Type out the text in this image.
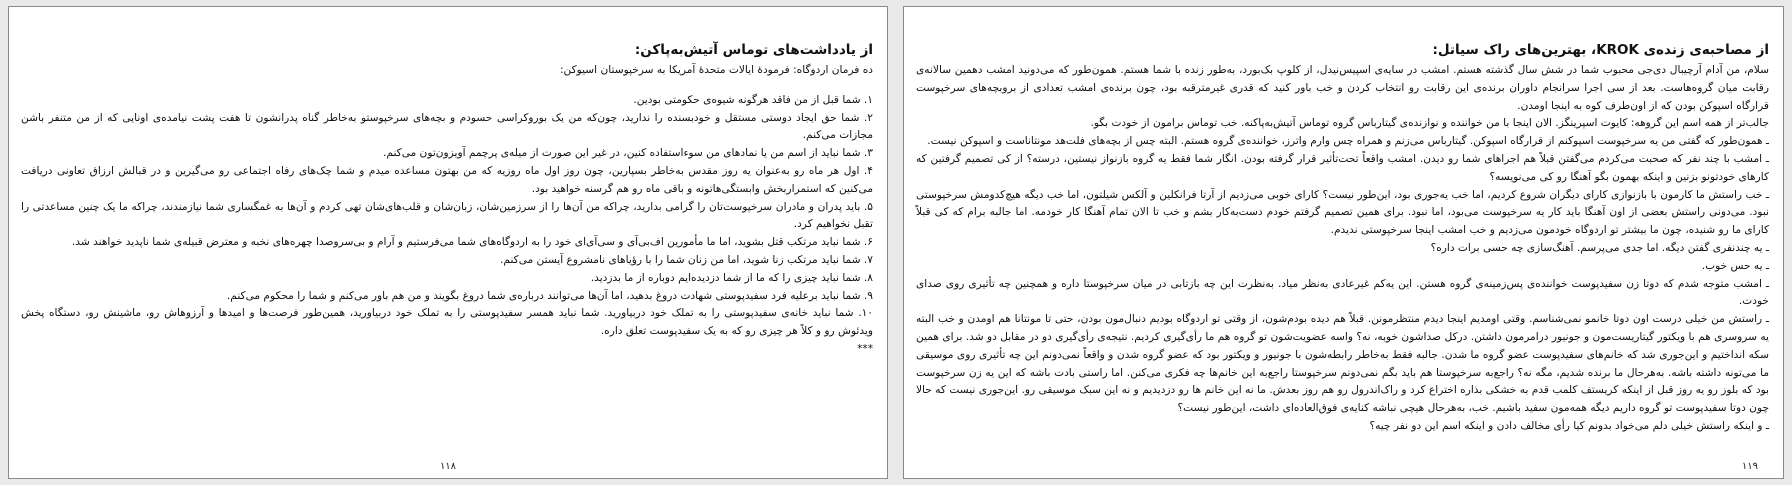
از یادداشت‌های توماس آتیش‌به‌پاکن:

ده فرمان اردوگاه: فرمودهٔ ایالات متحدهٔ آمریکا به سرخپوستان اسیوکن:

۱. شما قبل از من فاقد هرگونه شیوه‌ی حکومتی بودین.

۲. شما حق ایجاد دوستی مستقل و خودبسنده را ندارید، چون‌که من یک بوروکراسی حسودم و بچه‌های سرخپوستو به‌خاطر گناه پدرانشون تا هفت پشت نیامده‌ی اونایی که از من متنفر باشن مجازات می‌کنم.

۳. شما نباید از اسم من یا نمادهای من سوءاستفاده کنین، در غیر این صورت از میله‌ی پرچمم آویزون‌تون می‌کنم.

۴. اول هر ماه رو به‌عنوان یه روز مقدس به‌خاطر بسپارین، چون روز اول ماه روزیه که من بهتون مساعده میدم و شما چک‌های رفاه اجتماعی رو می‌گیرین و در قبالش ارزاق تعاونی دریافت می‌کنین که استمراربخش وابستگی‌هاتونه و باقی ماه رو هم گرسنه خواهید بود.

۵. باید پدران و مادران سرخپوست‌تان را گرامی بدارید، چراکه من آن‌ها را از سرزمین‌شان، زبان‌شان و قلب‌های‌شان تهی کردم و آن‌ها به غمگساری شما نیازمندند، چراکه ما یک چنین مساعدتی را تقبل نخواهیم کرد.

۶. شما نباید مرتکب قتل بشوید، اما ما مأمورین اف‌بی‌آی و سی‌آی‌ای خود را به اردوگاه‌های شما می‌فرستیم و آرام و بی‌سروصدا چهره‌های نخبه و معترض قبیله‌ی شما ناپدید خواهند شد.

۷. شما نباید مرتکب زنا شوید، اما من زنان شما را با رؤیاهای نامشروع آیستن می‌کنم.

۸. شما نباید چیزی را که ما از شما دزدیده‌ایم دوباره از ما بدزدید.

۹. شما نباید برعلیه فرد سفیدپوستی شهادت دروغ بدهید، اما آن‌ها می‌توانند درباره‌ی شما دروغ بگویند و من هم باور می‌کنم و شما را محکوم می‌کنم.

۱۰. شما نباید خانه‌ی سفیدپوستی را به تملک خود دربیاورید. شما نباید همسر سفیدپوستی را به تملک خود دربیاورید، همین‌طور فرصت‌ها و امیدها و آرزوهاش رو، ماشینش رو، دستگاه پخش ویدئوش رو و کلاً هر چیزی رو که به یک سفیدپوست تعلق داره.

***

۱۱۸
از مصاحبه‌ی زنده‌ی KROK، بهترین‌های راک سیاتل:

سلام، من آدام آرچیبال دی‌جی محبوب شما در شش سال گذشته هستم. امشب در سایه‌ی اسپیس‌نیدل، از کلوپ بک‌بورد، به‌طور زنده با شما هستم. همون‌طور که می‌دونید امشب دهمین سالانه‌ی رقابت میان گروه‌هاست. بعد از سی اجرا سرانجام داوران برنده‌ی این رقابت رو انتخاب کردن و خب باور کنید که قدری غیرمترقبه بود، چون برنده‌ی امشب تعدادی از بروبچه‌های سرخپوست قرارگاه اسپوکن بودن که از اون‌طرف کوه به اینجا اومدن.

جالب‌تر از همه اسم این گروهه: کایوت اسپرینگز. الان اینجا با من خواننده و نوازنده‌ی گیتارباس گروه توماس آتیش‌به‌پاکنه. خب توماس برامون از خودت بگو.

ـ همون‌طور که گفتی من یه سرخپوست اسپوکنم از قرارگاه اسپوکن. گیتارباس می‌زنم و همراه چس وارم واترز، خواننده‌ی گروه هستم. البته چس از بچه‌های فلت‌هد مونتاناست و اسپوکن نیست.

ـ امشب با چند نفر که صحبت می‌کردم می‌گفتن قبلاً هم اجراهای شما رو دیدن. امشب واقعاً تحت‌تأثیر قرار گرفته بودن. انگار شما فقط یه گروه بازنواز نیستین، درسته؟ از کی تصمیم گرفتین که کارهای خودتونو بزنین و اینکه بهمون بگو آهنگا رو کی می‌نویسه؟

ـ خب راستش ما کارمون با بازنوازی کارای دیگران شروع کردیم، اما خب یه‌جوری بود، این‌طور نیست؟ کارای خوبی می‌زدیم از آرتا فرانکلین و آلکس شیلتون، اما خب دیگه هیچ‌کدومش سرخپوستی نبود. می‌دونی راستش بعضی از اون آهنگا باید کار یه سرخپوست می‌بود، اما نبود. برای همین تصمیم گرفتم خودم دست‌به‌کار بشم و خب تا الان تمام آهنگا کار خودمه. اما جالبه برام که کی قبلاً کارای ما رو شنیده، چون ما بیشتر تو اردوگاه خودمون می‌زدیم و خب امشب اینجا سرخپوستی ندیدم.

ـ یه چندنفری گفتن دیگه. اما جدی می‌پرسم. آهنگ‌سازی چه حسی برات داره؟

ـ یه حس خوب.

ـ امشب متوجه شدم که دوتا زن سفیدپوست خواننده‌ی پس‌زمینه‌ی گروه هستن. این یه‌کم غیرعادی به‌نظر میاد. به‌نظرت این چه بازتابی در میان سرخپوستا داره و همچنین چه تأثیری روی صدای خودت.

ـ راستش من خیلی درست اون دوتا خانمو نمی‌شناسم. وقتی اومدیم اینجا دیدم منتظرمونن. قبلاً هم دیده بودم‌شون، از وقتی تو اردوگاه بودیم دنبال‌مون بودن، حتی تا مونتانا هم اومدن و خب البته یه سروسری هم با ویکتور گیتاریست‌مون و جونیور درامرمون داشتن. درکل صداشون خوبه، نه؟ واسه عضویت‌شون تو گروه هم ما رأی‌گیری کردیم. نتیجه‌ی رأی‌گیری دو در مقابل دو شد. برای همین سکه انداختیم و این‌جوری شد که خانم‌های سفیدپوست عضو گروه ما شدن. جالبه فقط به‌خاطر رابطه‌شون با جونیور و ویکتور بود که عضو گروه شدن و واقعاً نمی‌دونم این چه تأثیری روی موسیقی ما می‌تونه داشته باشه. به‌هرحال ما برنده شدیم، مگه نه؟ راجع‌به سرخپوستا هم باید بگم نمی‌دونم سرخپوستا راجع‌به این خانم‌ها چه فکری می‌کنن. اما راستی بادت باشه که این یه زن سرخپوست بود که بلوز رو یه روز قبل از اینکه کریستف کلمب قدم به خشکی بذاره اختراع کرد و راک‌اندرول رو هم روز بعدش. ما نه این خانم ها رو دزدیدیم و نه این سبک موسیقی رو. این‌جوری نیست که حالا چون دوتا سفیدپوست تو گروه داریم دیگه همه‌مون سفید باشیم. خب، به‌هرحال هیچی نباشه کنایه‌ی فوق‌العاده‌ای داشت، این‌طور نیست؟

ـ و اینکه راستش خیلی دلم می‌خواد بدونم کیا رأی مخالف دادن و اینکه اسم این دو نفر چیه؟

۱۱۹
